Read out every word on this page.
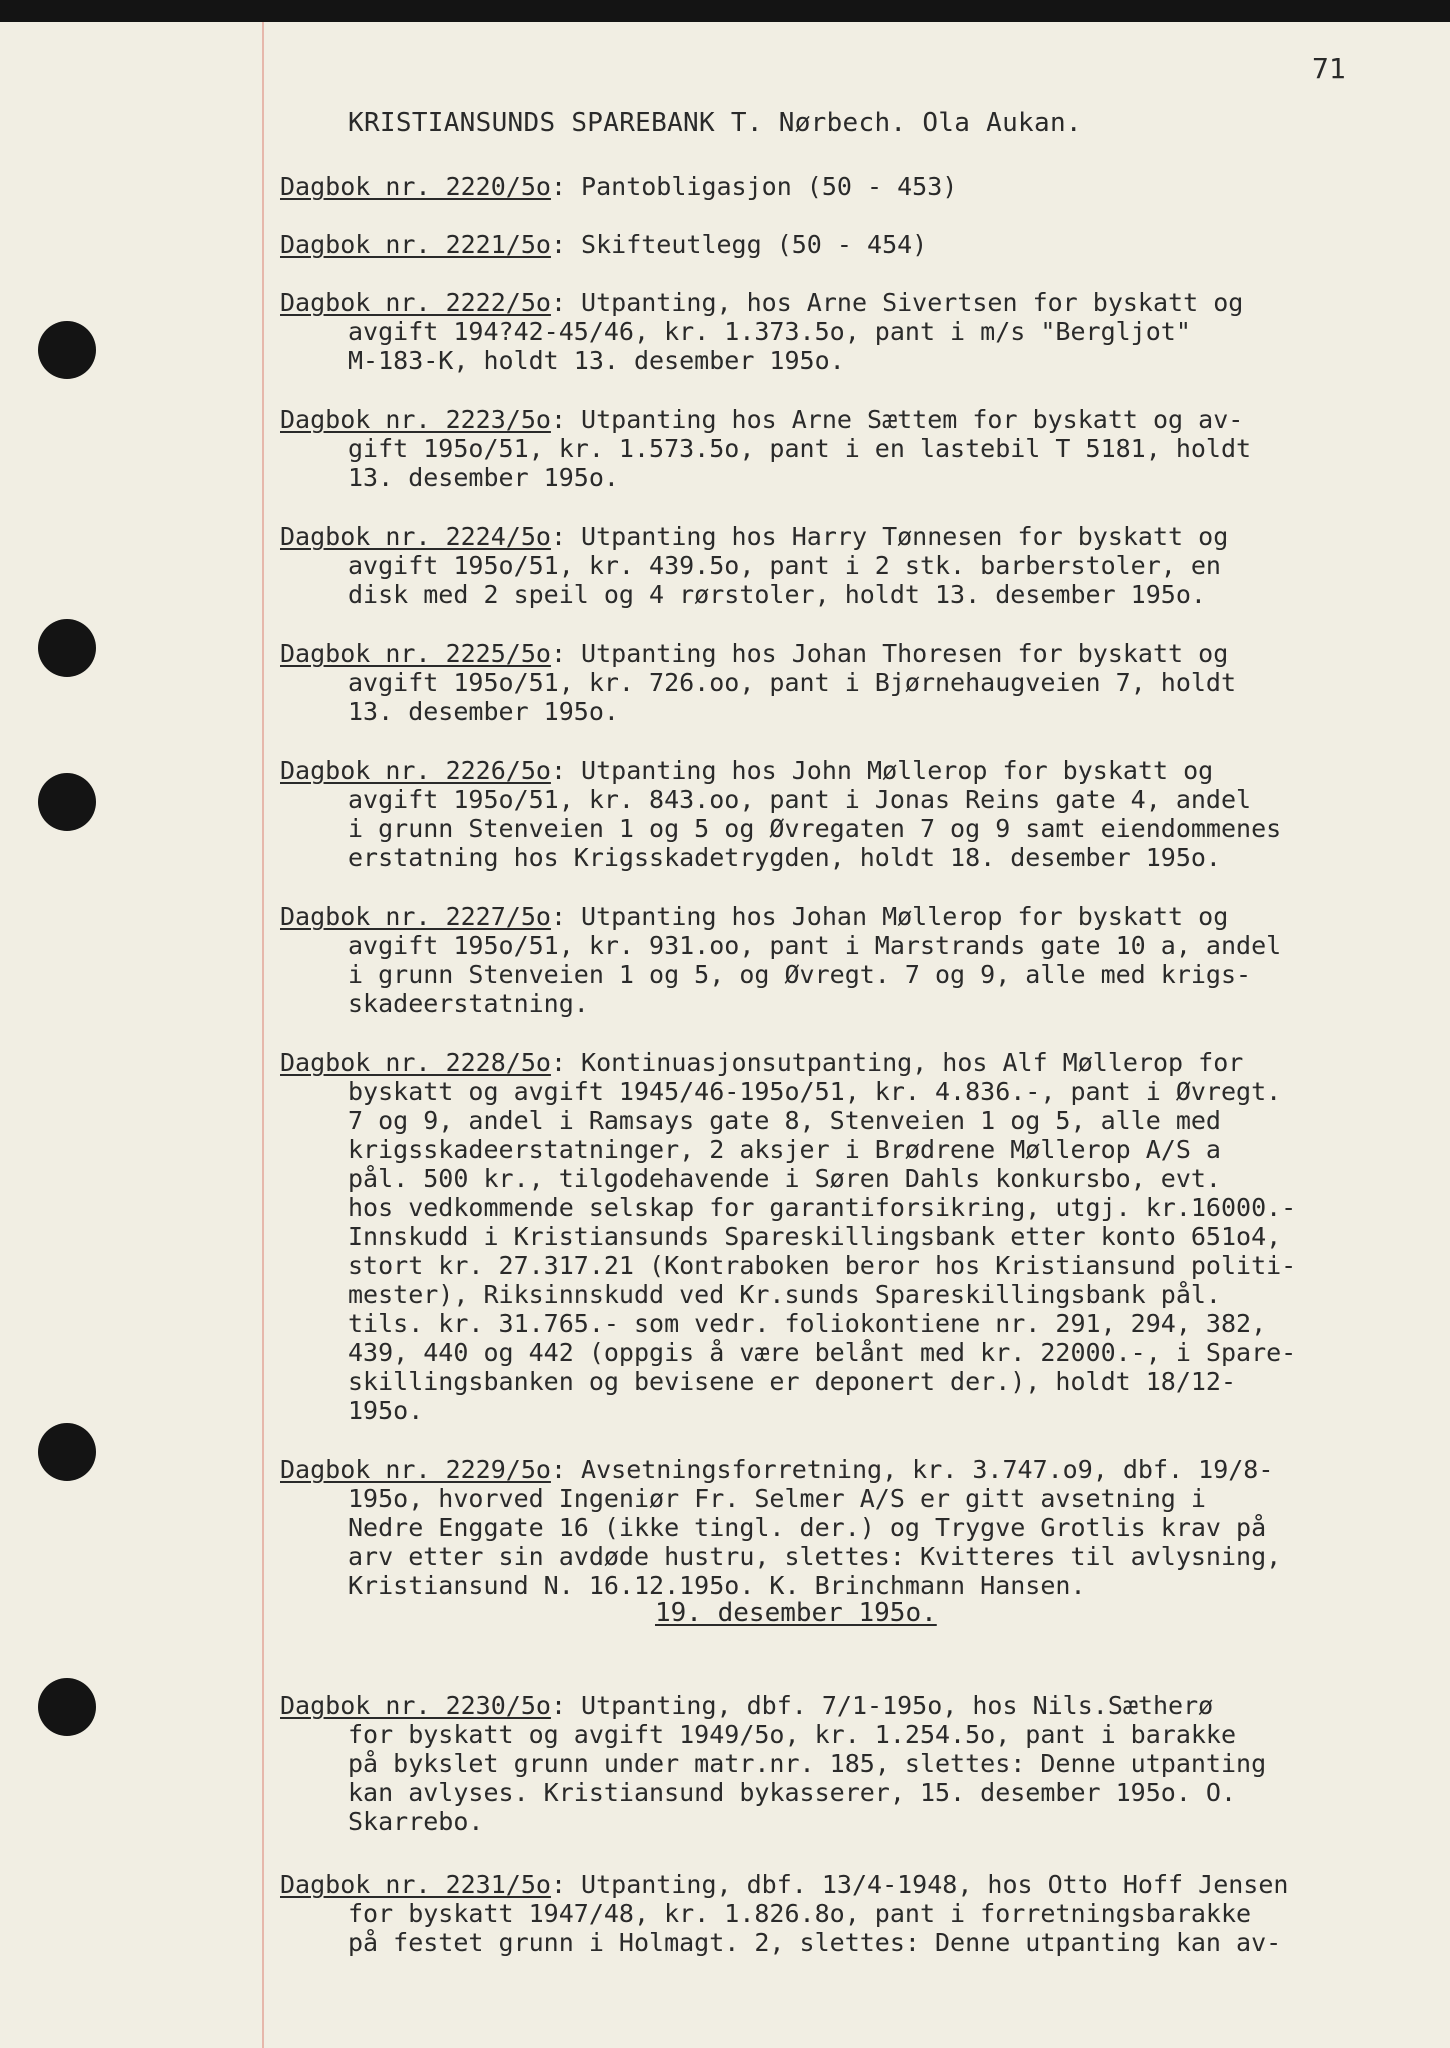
71
KRISTIANSUNDS SPAREBANK T. Nørbech. Ola Aukan.
Dagbok nr. 2220/5o: Pantobligasjon (50 - 453)
Dagbok nr. 2221/5o: Skifteutlegg (50 - 454)
Dagbok nr. 2222/5o: Utpanting, hos Arne Sivertsen for byskatt og
avgift 194?42-45/46, kr. 1.373.5o, pant i m/s "Bergljot"
M-183-K, holdt 13. desember 195o.
Dagbok nr. 2223/5o: Utpanting hos Arne Sættem for byskatt og av-
gift 195o/51, kr. 1.573.5o, pant i en lastebil T 5181, holdt
13. desember 195o.
Dagbok nr. 2224/5o: Utpanting hos Harry Tønnesen for byskatt og
avgift 195o/51, kr. 439.5o, pant i 2 stk. barberstoler, en
disk med 2 speil og 4 rørstoler, holdt 13. desember 195o.
Dagbok nr. 2225/5o: Utpanting hos Johan Thoresen for byskatt og
avgift 195o/51, kr. 726.oo, pant i Bjørnehaugveien 7, holdt
13. desember 195o.
Dagbok nr. 2226/5o: Utpanting hos John Møllerop for byskatt og
avgift 195o/51, kr. 843.oo, pant i Jonas Reins gate 4, andel
i grunn Stenveien 1 og 5 og Øvregaten 7 og 9 samt eiendommenes
erstatning hos Krigsskadetrygden, holdt 18. desember 195o.
Dagbok nr. 2227/5o: Utpanting hos Johan Møllerop for byskatt og
avgift 195o/51, kr. 931.oo, pant i Marstrands gate 10 a, andel
i grunn Stenveien 1 og 5, og Øvregt. 7 og 9, alle med krigs-
skadeerstatning.
Dagbok nr. 2228/5o: Kontinuasjonsutpanting, hos Alf Møllerop for
byskatt og avgift 1945/46-195o/51, kr. 4.836.-, pant i Øvregt.
7 og 9, andel i Ramsays gate 8, Stenveien 1 og 5, alle med
krigsskadeerstatninger, 2 aksjer i Brødrene Møllerop A/S a
pål. 500 kr., tilgodehavende i Søren Dahls konkursbo, evt.
hos vedkommende selskap for garantiforsikring, utgj. kr.16000.-
Innskudd i Kristiansunds Spareskillingsbank etter konto 651o4,
stort kr. 27.317.21 (Kontraboken beror hos Kristiansund politi-
mester), Riksinnskudd ved Kr.sunds Spareskillingsbank pål.
tils. kr. 31.765.- som vedr. foliokontiene nr. 291, 294, 382,
439, 440 og 442 (oppgis å være belånt med kr. 22000.-, i Spare-
skillingsbanken og bevisene er deponert der.), holdt 18/12-
195o.
Dagbok nr. 2229/5o: Avsetningsforretning, kr. 3.747.o9, dbf. 19/8-
195o, hvorved Ingeniør Fr. Selmer A/S er gitt avsetning i
Nedre Enggate 16 (ikke tingl. der.) og Trygve Grotlis krav på
arv etter sin avdøde hustru, slettes: Kvitteres til avlysning,
Kristiansund N. 16.12.195o. K. Brinchmann Hansen.
19. desember 195o.
Dagbok nr. 2230/5o: Utpanting, dbf. 7/1-195o, hos Nils.Sætherø
for byskatt og avgift 1949/5o, kr. 1.254.5o, pant i barakke
på bykslet grunn under matr.nr. 185, slettes: Denne utpanting
kan avlyses. Kristiansund bykasserer, 15. desember 195o. O.
Skarrebo.
Dagbok nr. 2231/5o: Utpanting, dbf. 13/4-1948, hos Otto Hoff Jensen
for byskatt 1947/48, kr. 1.826.8o, pant i forretningsbarakke
på festet grunn i Holmagt. 2, slettes: Denne utpanting kan av-
